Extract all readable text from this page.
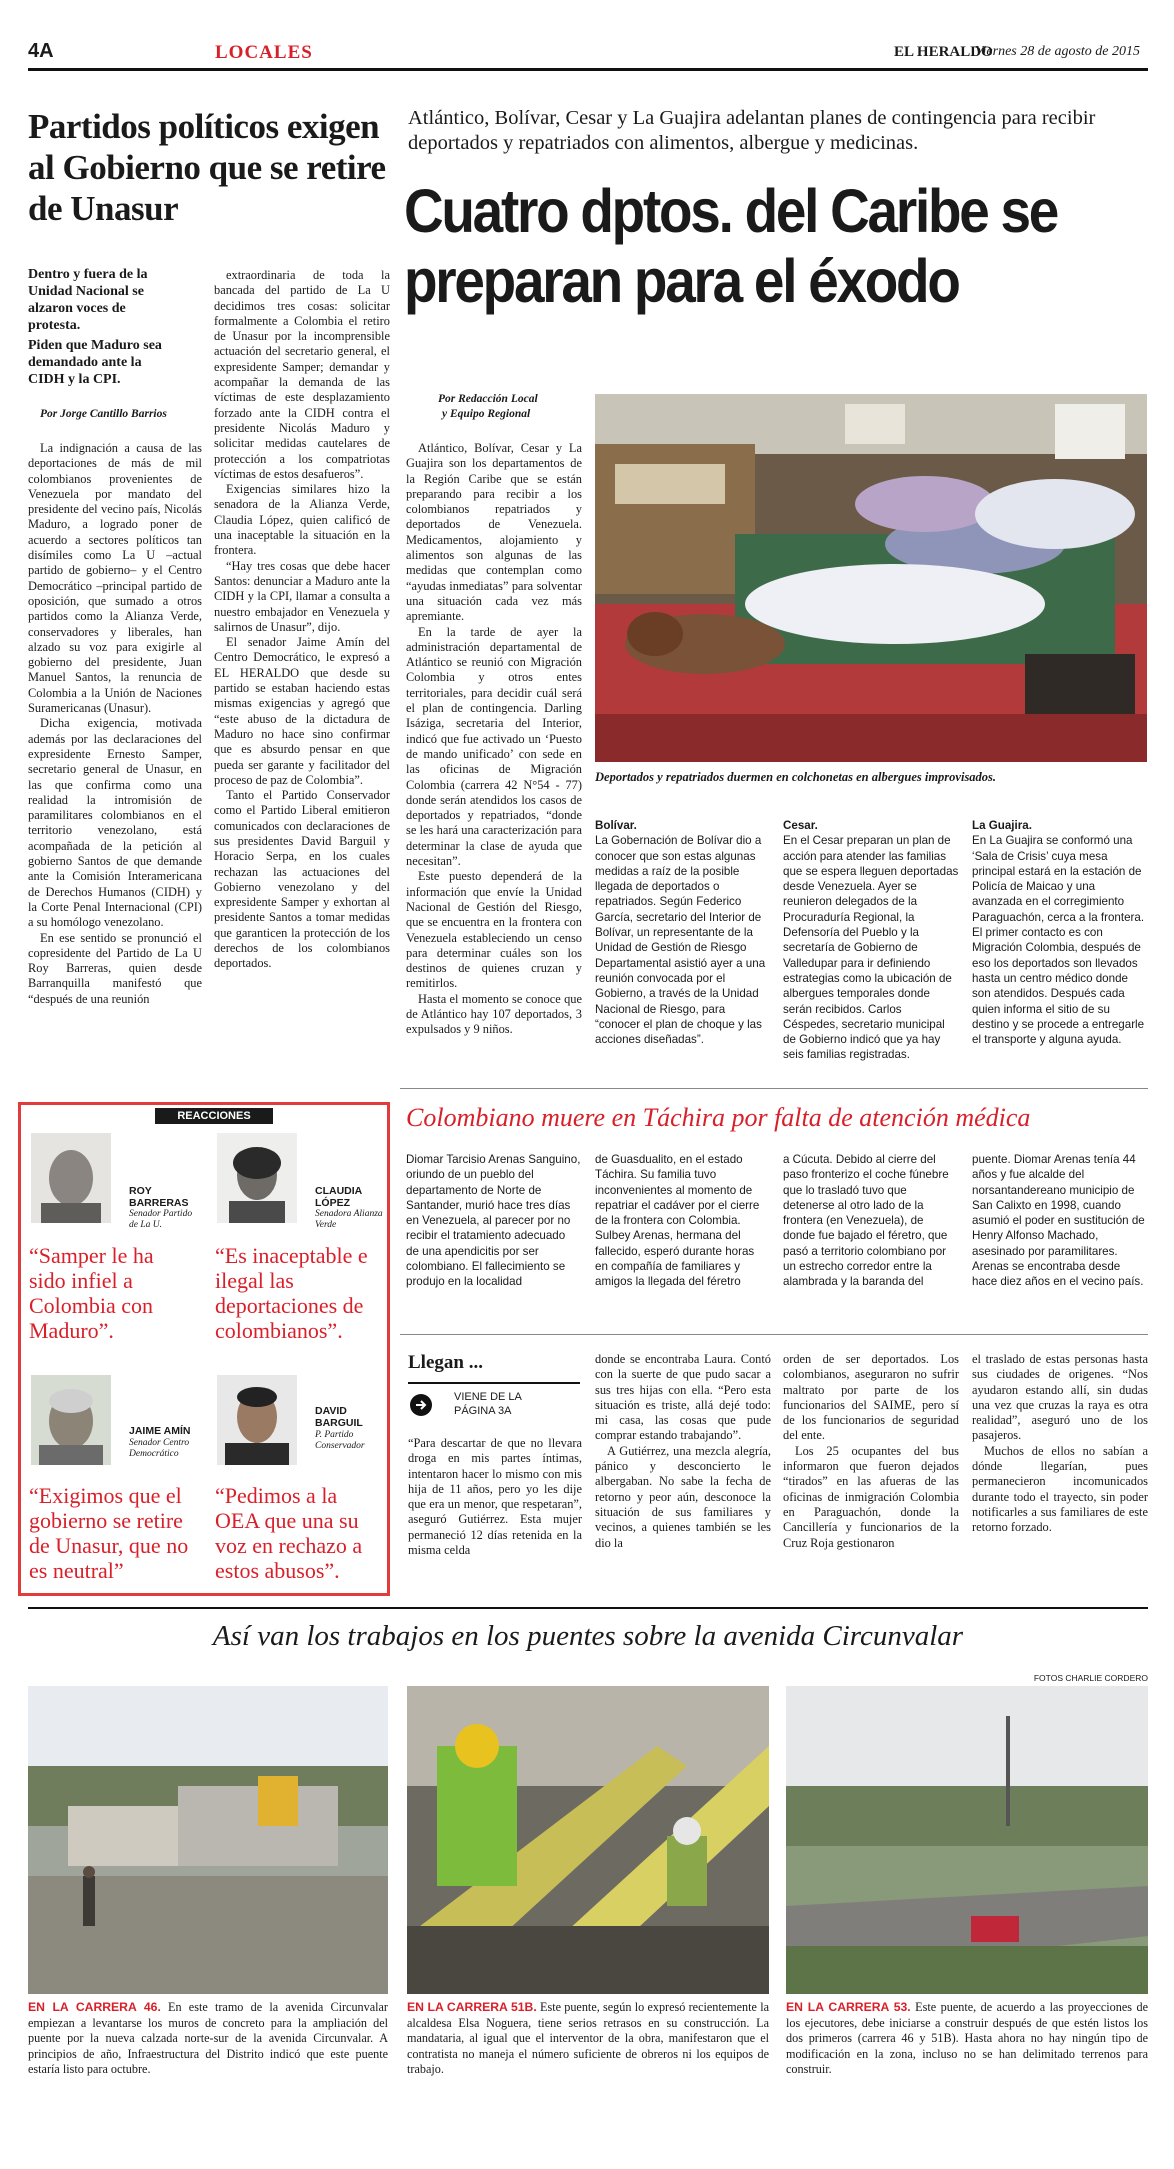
4A	LOCALES	EL HERALDO
Viernes 28 de agosto de 2015
Partidos políticos exigen al Gobierno que se retire de Unasur
Dentro y fuera de la Unidad Nacional se alzaron voces de protesta.
Piden que Maduro sea demandado ante la CIDH y la CPI.
Por Jorge Cantillo Barrios

La indignación a causa de las deportaciones de más de mil colombianos provenientes de Venezuela por mandato del presidente del vecino país, Nicolás Maduro, a logrado poner de acuerdo a sectores políticos tan disímiles como La U –actual partido de gobierno– y el Centro Democrático –principal partido de oposición, que sumado a otros partidos como la Alianza Verde, conservadores y liberales, han alzado su voz para exigirle al gobierno del presidente, Juan Manuel Santos, la renuncia de Colombia a la Unión de Naciones Suramericanas (Unasur).

Dicha exigencia, motivada además por las declaraciones del expresidente Ernesto Samper, secretario general de Unasur, en las que confirma como una realidad la intromisión de paramilitares colombianos en el territorio venezolano, está acompañada de la petición al gobierno Santos de que demande ante la Comisión Interamericana de Derechos Humanos (CIDH) y la Corte Penal Internacional (CPI) a su homólogo venezolano.

En ese sentido se pronunció el copresidente del Partido de La U Roy Barreras, quien desde Barranquilla manifestó que “después de una reunión

extraordinaria de toda la bancada del partido de La U decidimos tres cosas: solicitar formalmente a Colombia el retiro de Unasur por la incomprensible actuación del secretario general, el expresidente Samper; demandar y acompañar la demanda de las víctimas de este desplazamiento forzado ante la CIDH contra el presidente Nicolás Maduro y solicitar medidas cautelares de protección a los compatriotas víctimas de estos desafueros”.

Exigencias similares hizo la senadora de la Alianza Verde, Claudia López, quien calificó de una inaceptable la situación en la frontera.

“Hay tres cosas que debe hacer Santos: denunciar a Maduro ante la CIDH y la CPI, llamar a consulta a nuestro embajador en Venezuela y salirnos de Unasur”, dijo.

El senador Jaime Amín del Centro Democrático, le expresó a EL HERALDO que desde su partido se estaban haciendo estas mismas exigencias y agregó que “este abuso de la dictadura de Maduro no hace sino confirmar que es absurdo pensar en que pueda ser garante y facilitador del proceso de paz de Colombia”.

Tanto el Partido Conservador como el Partido Liberal emitieron comunicados con declaraciones de sus presidentes David Barguil y Horacio Serpa, en los cuales rechazan las actuaciones del Gobierno venezolano y del expresidente Samper y exhortan al presidente Santos a tomar medidas que garanticen la protección de los derechos de los colombianos deportados.

Atlántico, Bolívar, Cesar y La Guajira adelantan planes de contingencia para recibir deportados y repatriados con alimentos, albergue y medicinas.
Cuatro dptos. del Caribe se preparan para el éxodo
Por Redacción Local
y Equipo Regional

Atlántico, Bolívar, Cesar y La Guajira son los departamentos de la Región Caribe que se están preparando para recibir a los colombianos repatriados y deportados de Venezuela. Medicamentos, alojamiento y alimentos son algunas de las medidas que contemplan como “ayudas inmediatas” para solventar una situación cada vez más apremiante.

En la tarde de ayer la administración departamental de Atlántico se reunió con Migración Colombia y otros entes territoriales, para decidir cuál será el plan de contingencia. Darling Isáziga, secretaria del Interior, indicó que fue activado un ‘Puesto de mando unificado’ con sede en las oficinas de Migración Colombia (carrera 42 N°54 - 77) donde serán atendidos los casos de deportados y repatriados, “donde se les hará una caracterización para determinar la clase de ayuda que necesitan”.

Este puesto dependerá de la información que envíe la Unidad Nacional de Gestión del Riesgo, que se encuentra en la frontera con Venezuela estableciendo un censo para determinar cuáles son los destinos de quienes cruzan y remitirlos.

Hasta el momento se conoce que de Atlántico hay 107 deportados, 3 expulsados y 9 niños.

Deportados y repatriados duermen en colchonetas en albergues improvisados.
Bolívar.
La Gobernación de Bolívar dio a conocer que son estas algunas medidas a raíz de la posible llegada de deportados o repatriados. Según Federico García, secretario del Interior de Bolívar, un representante de la Unidad de Gestión de Riesgo Departamental asistió ayer a una reunión convocada por el Gobierno, a través de la Unidad Nacional de Riesgo, para “conocer el plan de choque y las acciones diseñadas”.
Cesar.
En el Cesar preparan un plan de acción para atender las familias que se espera lleguen deportadas desde Venezuela. Ayer se reunieron delegados de la Procuraduría Regional, la Defensoría del Pueblo y la secretaría de Gobierno de Valledupar para ir definiendo estrategias como la ubicación de albergues temporales donde serán recibidos. Carlos Céspedes, secretario municipal de Gobierno indicó que ya hay seis familias registradas.
La Guajira.
En La Guajira se conformó una ‘Sala de Crisis’ cuya mesa principal estará en la estación de Policía de Maicao y una avanzada en el corregimiento Paraguachón, cerca a la frontera. El primer contacto es con Migración Colombia, después de eso los deportados son llevados hasta un centro médico donde son atendidos. Después cada quien informa el sitio de su destino y se procede a entregarle el transporte y alguna ayuda.
REACCIONES
ROY BARRERAS
Senador Partido de La U.
“Samper le ha sido infiel a Colombia con Maduro”.
CLAUDIA LÓPEZ
Senadora Alianza Verde
“Es inaceptable e ilegal las deportaciones de colombianos”.
JAIME AMÍN
Senador Centro Democrático
“Exigimos que el gobierno se retire de Unasur, que no es neutral”
DAVID BARGUIL
P. Partido Conservador
“Pedimos a la OEA que una su voz en rechazo a estos abusos”.
Colombiano muere en Táchira por falta de atención médica
Diomar Tarcisio Arenas Sanguino, oriundo de un pueblo del departamento de Norte de Santander, murió hace tres días en Venezuela, al parecer por no recibir el tratamiento adecuado de una apendicitis por ser colombiano. El fallecimiento se produjo en la localidad
de Guasdualito, en el estado Táchira. Su familia tuvo inconvenientes al momento de repatriar el cadáver por el cierre de la frontera con Colombia. Sulbey Arenas, hermana del fallecido, esperó durante horas en compañía de familiares y amigos la llegada del féretro
a Cúcuta. Debido al cierre del paso fronterizo el coche fúnebre que lo trasladó tuvo que detenerse al otro lado de la frontera (en Venezuela), de donde fue bajado el féretro, que pasó a territorio colombiano por un estrecho corredor entre la alambrada y la baranda del
puente. Diomar Arenas tenía 44 años y fue alcalde del norsantandereano municipio de San Calixto en 1998, cuando asumió el poder en sustitución de Henry Alfonso Machado, asesinado por paramilitares. Arenas se encontraba desde hace diez años en el vecino país.
Llegan ...
VIENE DE LA PÁGINA 3A
“Para descartar de que no llevara droga en mis partes íntimas, intentaron hacer lo mismo con mis hija de 11 años, pero yo les dije que era un menor, que respetaran”, aseguró Gutiérrez. Esta mujer permaneció 12 días retenida en la misma celda

donde se encontraba Laura. Contó con la suerte de que pudo sacar a sus tres hijas con ella. “Pero esta situación es triste, allá dejé todo: mi casa, las cosas que pude comprar estando trabajando”.

A Gutiérrez, una mezcla alegría, pánico y desconcierto le albergaban. No sabe la fecha de retorno y peor aún, desconoce la situación de sus familiares y vecinos, a quienes también se les dio la

orden de ser deportados. Los colombianos, aseguraron no sufrir maltrato por parte de los funcionarios del SAIME, pero sí de los funcionarios de seguridad del ente.

Los 25 ocupantes del bus informaron que fueron dejados “tirados” en las afueras de las oficinas de inmigración Colombia en Paraguachón, donde la Cancillería y funcionarios de la Cruz Roja gestionaron

el traslado de estas personas hasta sus ciudades de origenes. “Nos ayudaron estando allí, sin dudas una vez que cruzas la raya es otra realidad”, aseguró uno de los pasajeros.

Muchos de ellos no sabían a dónde llegarían, pues permanecieron incomunicados durante todo el trayecto, sin poder notificarles a sus familiares de este retorno forzado.

Así van los trabajos en los puentes sobre la avenida Circunvalar
FOTOS CHARLIE CORDERO
EN LA CARRERA 46. En este tramo de la avenida Circunvalar empiezan a levantarse los muros de concreto para la ampliación del puente por la nueva calzada norte-sur de la avenida Circunvalar. A principios de año, Infraestructura del Distrito indicó que este puente estaría listo para octubre.
EN LA CARRERA 51B. Este puente, según lo expresó recientemente la alcaldesa Elsa Noguera, tiene serios retrasos en su construcción. La mandataria, al igual que el interventor de la obra, manifestaron que el contratista no maneja el número suficiente de obreros ni los equipos de trabajo.
EN LA CARRERA 53. Este puente, de acuerdo a las proyecciones de los ejecutores, debe iniciarse a construir después de que estén listos los dos primeros (carrera 46 y 51B). Hasta ahora no hay ningún tipo de modificación en la zona, incluso no se han delimitado terrenos para construir.
